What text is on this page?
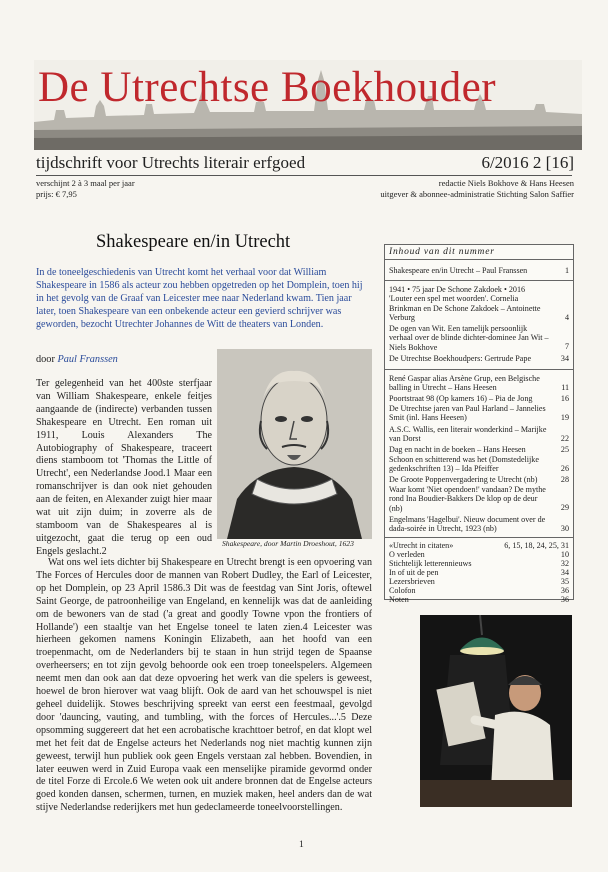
De Utrechtse Boekhouder
tijdschrift voor Utrechts literair erfgoed	6/2016 2 [16]
verschijnt 2 à 3 maal per jaar
prijs: € 7,95
redactie Niels Bokhove & Hans Heesen
uitgever & abonnee-administratie Stichting Salon Saffier
Shakespeare en/in Utrecht
In de toneelgeschiedenis van Utrecht komt het verhaal voor dat William Shakespeare in 1586 als acteur zou hebben opgetreden op het Domplein, toen hij in het gevolg van de Graaf van Leicester mee naar Nederland kwam. Tien jaar later, toen Shakespeare van een onbekende acteur een gevierd schrijver was geworden, bezocht Utrechter Johannes de Witt de theaters van Londen.
door Paul Franssen
Ter gelegenheid van het 400ste sterfjaar van William Shakespeare, enkele feitjes aangaande de (indirecte) verbanden tussen Shakespeare en Utrecht. Een roman uit 1911, Louis Alexanders The Autobiography of Shakespeare, traceert diens stamboom tot 'Thomas the Little of Utrecht', een Nederlandse Jood.1 Maar een romanschrijver is dan ook niet gehouden aan de feiten, en Alexander zuigt hier maar wat uit zijn duim; in zoverre als de stamboom van de Shakespeares al is uitgezocht, gaat die terug op een oud Engels geslacht.2
Shakespeare, door Martin Droeshout, 1623
Wat ons wel iets dichter bij Shakespeare en Utrecht brengt is een opvoering van The Forces of Hercules door de mannen van Robert Dudley, the Earl of Leicester, op het Domplein, op 23 April 1586.3 Dit was de feestdag van Sint Joris, oftewel Saint George, de patroonheilige van Engeland, en kennelijk was dat de aanleiding om de bewoners van de stad ('a great and goodly Towne vpon the frontiers of Hollande') een staaltje van het Engelse toneel te laten zien.4 Leicester was hierheen gekomen namens Koningin Elizabeth, aan het hoofd van een troepenmacht, om de Nederlanders bij te staan in hun strijd tegen de Spaanse overheersers; en tot zijn gevolg behoorde ook een troep toneelspelers. Algemeen neemt men dan ook aan dat deze opvoering het werk van die spelers is geweest, hoewel de bron hierover wat vaag blijft. Ook de aard van het schouwspel is niet geheel duidelijk. Stowes beschrijving spreekt van eerst een feestmaal, gevolgd door 'dauncing, vauting, and tumbling, with the forces of Hercules...'.5 Deze opsomming suggereert dat het een acrobatische krachttoer betrof, en dat klopt wel met het feit dat de Engelse acteurs het Nederlands nog niet machtig kunnen zijn geweest, terwijl hun publiek ook geen Engels verstaan zal hebben. Bovendien, in later eeuwen werd in Zuid Europa vaak een menselijke piramide gevormd onder de titel Forze di Ercole.6 We weten ook uit andere bronnen dat de Engelse acteurs goed konden dansen, schermen, turnen, en muziek maken, heel anders dan de wat stijve Nederlandse rederijkers met hun gedeclameerde toneelvoorstellingen.
Inhoud van dit nummer
Shakespeare en/in Utrecht – Paul Franssen	1
1941 • 75 jaar De Schone Zakdoek • 2016 'Louter een spel met woorden'. Cornelia Brinkman en De Schone Zakdoek – Antoinette Verburg	4
De ogen van Wit. Een tamelijk persoonlijk verhaal over de blinde dichter-dominee Jan Wit – Niels Bokhove	7
De Utrechtse Boekhoudpers: Gertrude Pape	34
René Gaspar alias Arsène Grup, een Belgische balling in Utrecht – Hans Heesen	11
Poortstraat 98 (Op kamers 16) – Pia de Jong	16
De Utrechtse jaren van Paul Harland – Jannelies Smit (inl. Hans Heesen)	19
A.S.C. Wallis, een literair wonderkind – Marijke van Dorst	22
Dag en nacht in de boeken – Hans Heesen	25
Schoon en schitterend was het (Domstedelijke gedenkschriften 13) – Ida Pfeiffer	26
De Groote Poppenvergadering te Utrecht (nb)	28
Waar komt 'Niet opendoen!' vandaan? De mythe rond Ina Boudier-Bakkers De klop op de deur (nb)	29
Engelmans 'Hagelbui'. Nieuw document over de dada-soirée in Utrecht, 1923 (nb)	30
«Utrecht in citaten»	6, 15, 18, 24, 25, 31
O verleden	10
Stichtelijk letterennieuws	32
In of uit de pen	34
Lezersbrieven	35
Colofon	36
Noten	36
1
